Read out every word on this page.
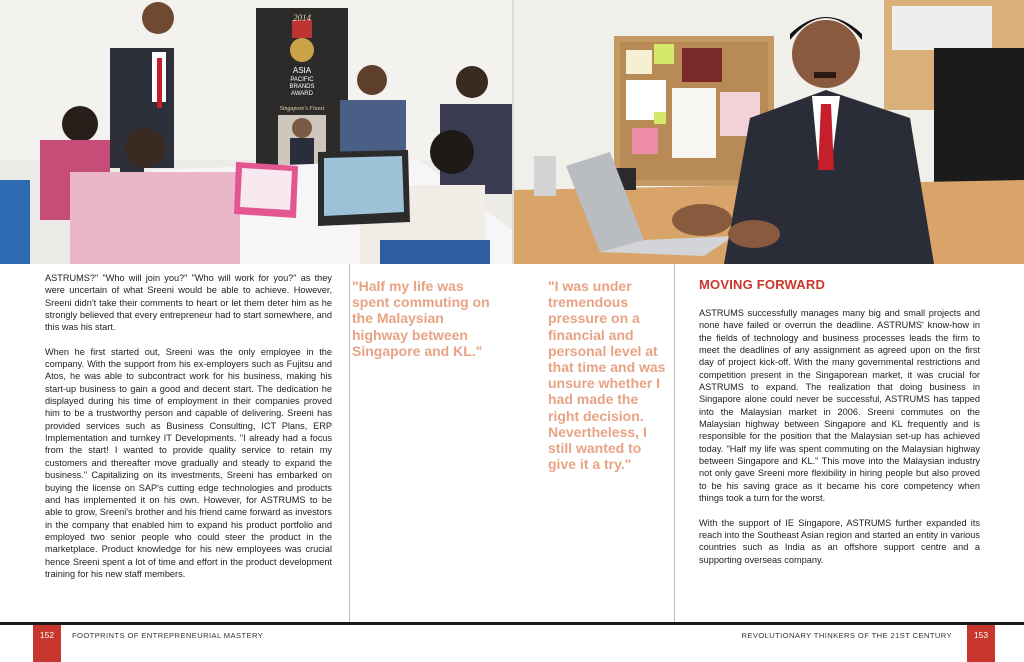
2014
ASIA
PACIFIC
BRANDS
AWARD
Singapore's Finest

ASTRUMS?" "Who will join you?" "Who will work for you?" as they were uncertain of what Sreeni would be able to achieve. However, Sreeni didn't take their comments to heart or let them deter him as he strongly believed that every entrepreneur had to start somewhere, and this was his start.

When he first started out, Sreeni was the only employee in the company. With the support from his ex-employers such as Fujitsu and Atos, he was able to subcontract work for his business, making his start-up business to gain a good and decent start. The dedication he displayed during his time of employment in their companies proved him to be a trustworthy person and capable of delivering. Sreeni has provided services such as Business Consulting, ICT Plans, ERP Implementation and turnkey IT Developments. "I already had a focus from the start! I wanted to provide quality service to retain my customers and thereafter move gradually and steady to expand the business." Capitalizing on its investments, Sreeni has embarked on buying the license on SAP's cutting edge technologies and products and has implemented it on his own. However, for ASTRUMS to be able to grow, Sreeni's brother and his friend came forward as investors in the company that enabled him to expand his product portfolio and employed two senior people who could steer the product in the marketplace. Product knowledge for his new employees was crucial hence Sreeni spent a lot of time and effort in the product development training for his new staff members.

"Half my life was spent commuting on the Malaysian highway between Singapore and KL."
"I was under tremendous pressure on a financial and personal level at that time and was unsure whether I had made the right decision. Nevertheless, I still wanted to give it a try."
MOVING FORWARD

ASTRUMS successfully manages many big and small projects and none have failed or overrun the deadline. ASTRUMS' know-how in the fields of technology and business processes leads the firm to meet the deadlines of any assignment as agreed upon on the first day of project kick-off. With the many governmental restrictions and competition present in the Singaporean market, it was crucial for ASTRUMS to expand. The realization that doing business in Singapore alone could never be successful, ASTRUMS has tapped into the Malaysian market in 2006. Sreeni commutes on the Malaysian highway between Singapore and KL frequently and is responsible for the position that the Malaysian set-up has achieved today. "Half my life was spent commuting on the Malaysian highway between Singapore and KL." This move into the Malaysian industry not only gave Sreeni more flexibility in hiring people but also proved to be his saving grace as it became his core competency when things took a turn for the worst.

With the support of IE Singapore, ASTRUMS further expanded its reach into the Southeast Asian region and started an entity in various countries such as India as an offshore support centre and a supporting overseas company.

152	FOOTPRINTS OF ENTREPRENEURIAL MASTERY	REVOLUTIONARY THINKERS OF THE 21ST CENTURY	153
